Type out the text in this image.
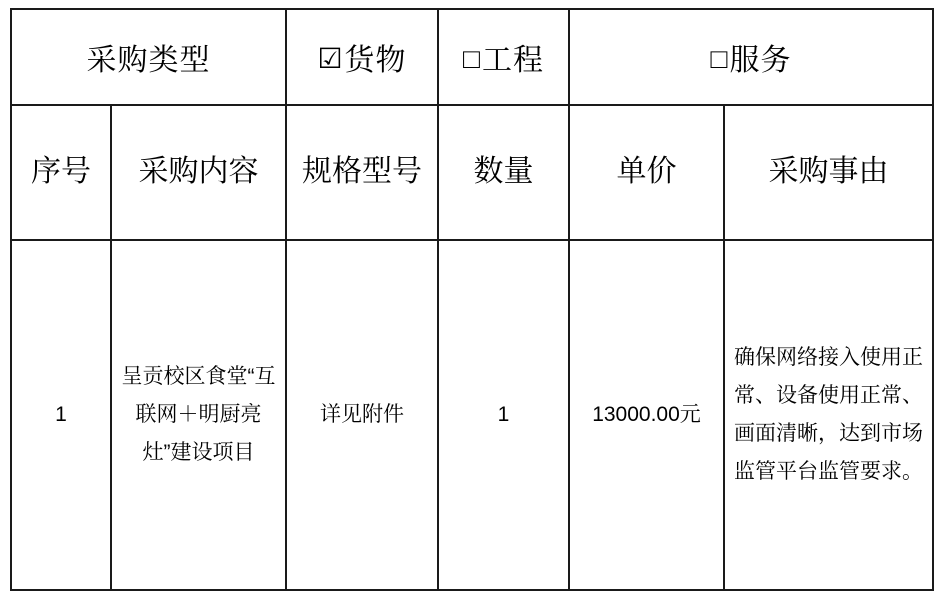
采购类型		☑货物	□工程	□服务	
序号	采购内容	规格型号	数量	单价	采购事由
1	呈贡校区食堂“互联网＋明厨亮灶”建设项目	详见附件	1	13000.00元	确保网络接入使用正常、设备使用正常、画面清晰，达到市场监管平台监管要求。
